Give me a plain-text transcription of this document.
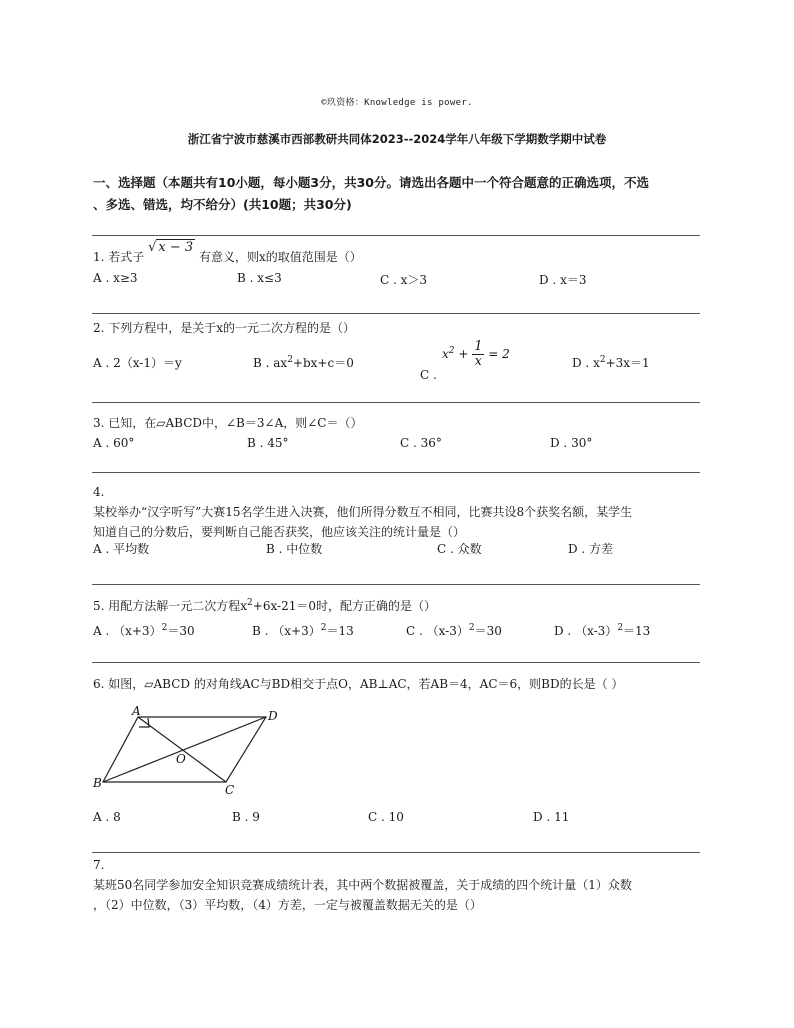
©玖资格：Knowledge is power.
浙江省宁波市慈溪市西部教研共同体2023--2024学年八年级下学期数学期中试卷
一、选择题（本题共有10小题，每小题3分，共30分。请选出各题中一个符合题意的正确选项，不选
、多选、错选，均不给分）(共10题；共30分)
1. 若式子 √ x − 3 有意义，则x的取值范围是（）
A . x≥3	B . x≤3	C . x＞3	D . x＝3
2. 下列方程中，是关于x的一元二次方程的是（）
A . 2（x-1）＝y	B . $ax^2+bx+c=0$
C .
$x^2 + \frac{1}{x} = 2$
D . $x^2+3x=1$
3. 已知，在▱ABCD中，∠B＝3∠A，则∠C＝（）
A . 60°	B . 45°	C . 36°	D . 30°
4.
某校举办“汉字听写”大赛15名学生进入决赛，他们所得分数互不相同，比赛共设8个获奖名额，某学生
知道自己的分数后，要判断自己能否获奖，他应该关注的统计量是（）
A . 平均数	B . 中位数	C . 众数	D . 方差
5. 用配方法解一元二次方程$x^2+6x-21=0$时，配方正确的是（）
A . $(x+3)^2=30$	B . $(x+3)^2=13$	C . $(x-3)^2=30$	D . $(x-3)^2=13$
6. 如图，▱ABCD 的对角线AC与BD相交于点O，AB⊥AC，若AB＝4，AC＝6，则BD的长是（ ）
A	D
B	C
O
A . 8	B . 9	C . 10	D . 11
7.
某班50名同学参加安全知识竞赛成绩统计表，其中两个数据被覆盖，关于成绩的四个统计量（1）众数
，（2）中位数，（3）平均数，（4）方差，一定与被覆盖数据无关的是（）
